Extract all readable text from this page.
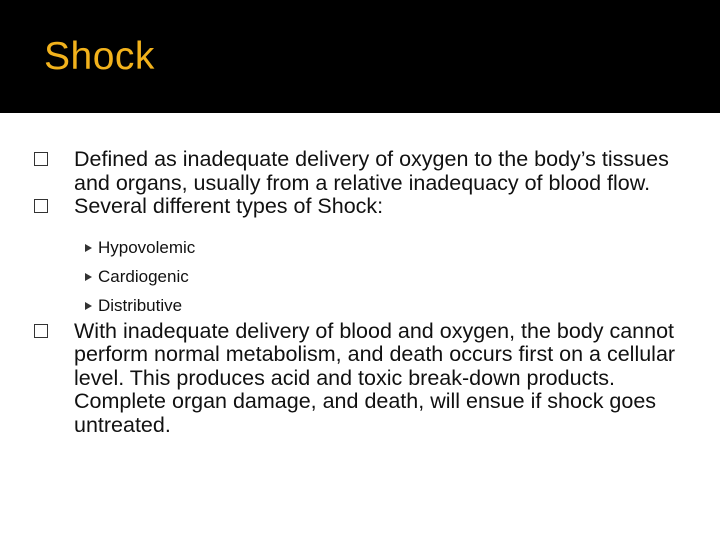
Shock
Defined as inadequate delivery of oxygen to the body’s tissues and organs, usually from a relative inadequacy of blood flow.
Several different types of Shock:
Hypovolemic
Cardiogenic
Distributive
With inadequate delivery of blood and oxygen, the body cannot perform normal metabolism, and death occurs first on a cellular level. This produces acid and toxic break-down products. Complete organ damage, and death, will ensue if shock goes untreated.
